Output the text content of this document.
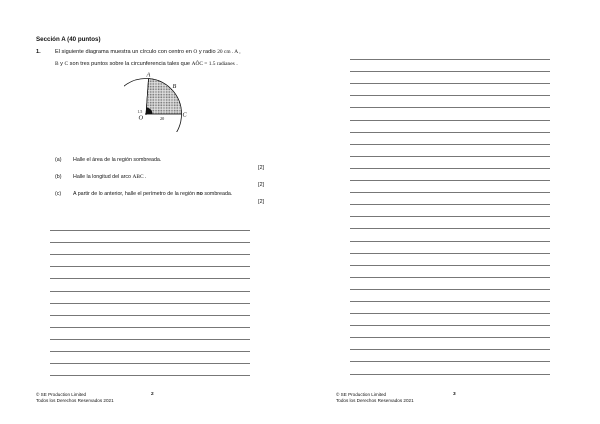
Sección A (40 puntos)
1.	El siguiente diagrama muestra un círculo con centro en O y radio 20 cm . A ,
B y C son tres puntos sobre la circunferencia tales que AÔC = 1.5 radianes .
A
B
C
O
1.5
20
(a) Halle el área de la región sombreada.
[2]
(b) Halle la longitud del arco ABC .
[2]
(c) A partir de lo anterior, halle el perímetro de la región no sombreada.
[2]
© SE Production Limited
Todos los Derechos Reservados 2021
2	© SE Production Limited
Todos los Derechos Reservados 2021
3
